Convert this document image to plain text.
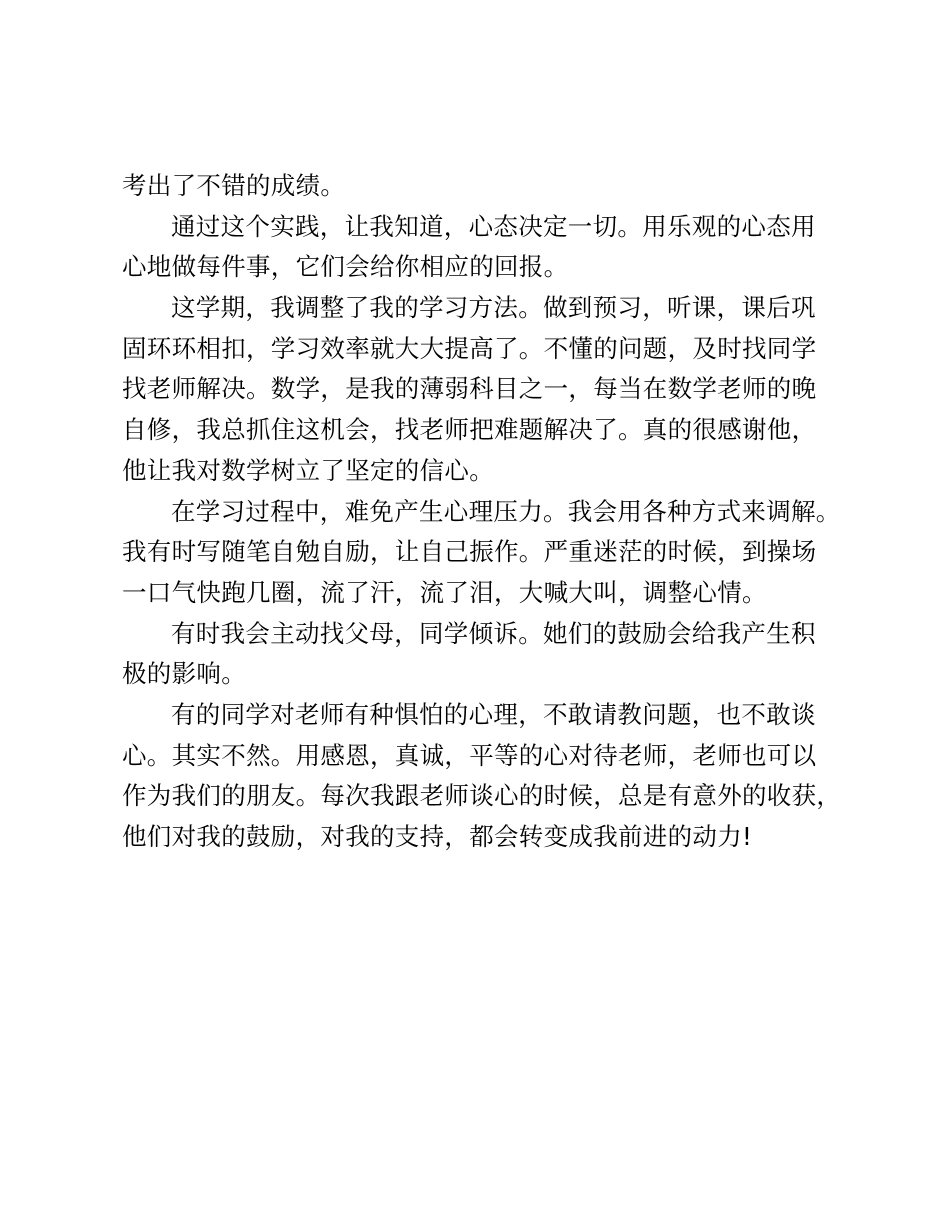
考出了不错的成绩。
通过这个实践，让我知道，心态决定一切。用乐观的心态用
心地做每件事，它们会给你相应的回报。
这学期，我调整了我的学习方法。做到预习，听课，课后巩
固环环相扣，学习效率就大大提高了。不懂的问题，及时找同学
找老师解决。数学，是我的薄弱科目之一，每当在数学老师的晚
自修，我总抓住这机会，找老师把难题解决了。真的很感谢他，
他让我对数学树立了坚定的信心。
在学习过程中，难免产生心理压力。我会用各种方式来调解。
我有时写随笔自勉自励，让自己振作。严重迷茫的时候，到操场
一口气快跑几圈，流了汗，流了泪，大喊大叫，调整心情。
有时我会主动找父母，同学倾诉。她们的鼓励会给我产生积
极的影响。
有的同学对老师有种惧怕的心理，不敢请教问题，也不敢谈
心。其实不然。用感恩，真诚，平等的心对待老师，老师也可以
作为我们的朋友。每次我跟老师谈心的时候，总是有意外的收获，
他们对我的鼓励，对我的支持，都会转变成我前进的动力!
